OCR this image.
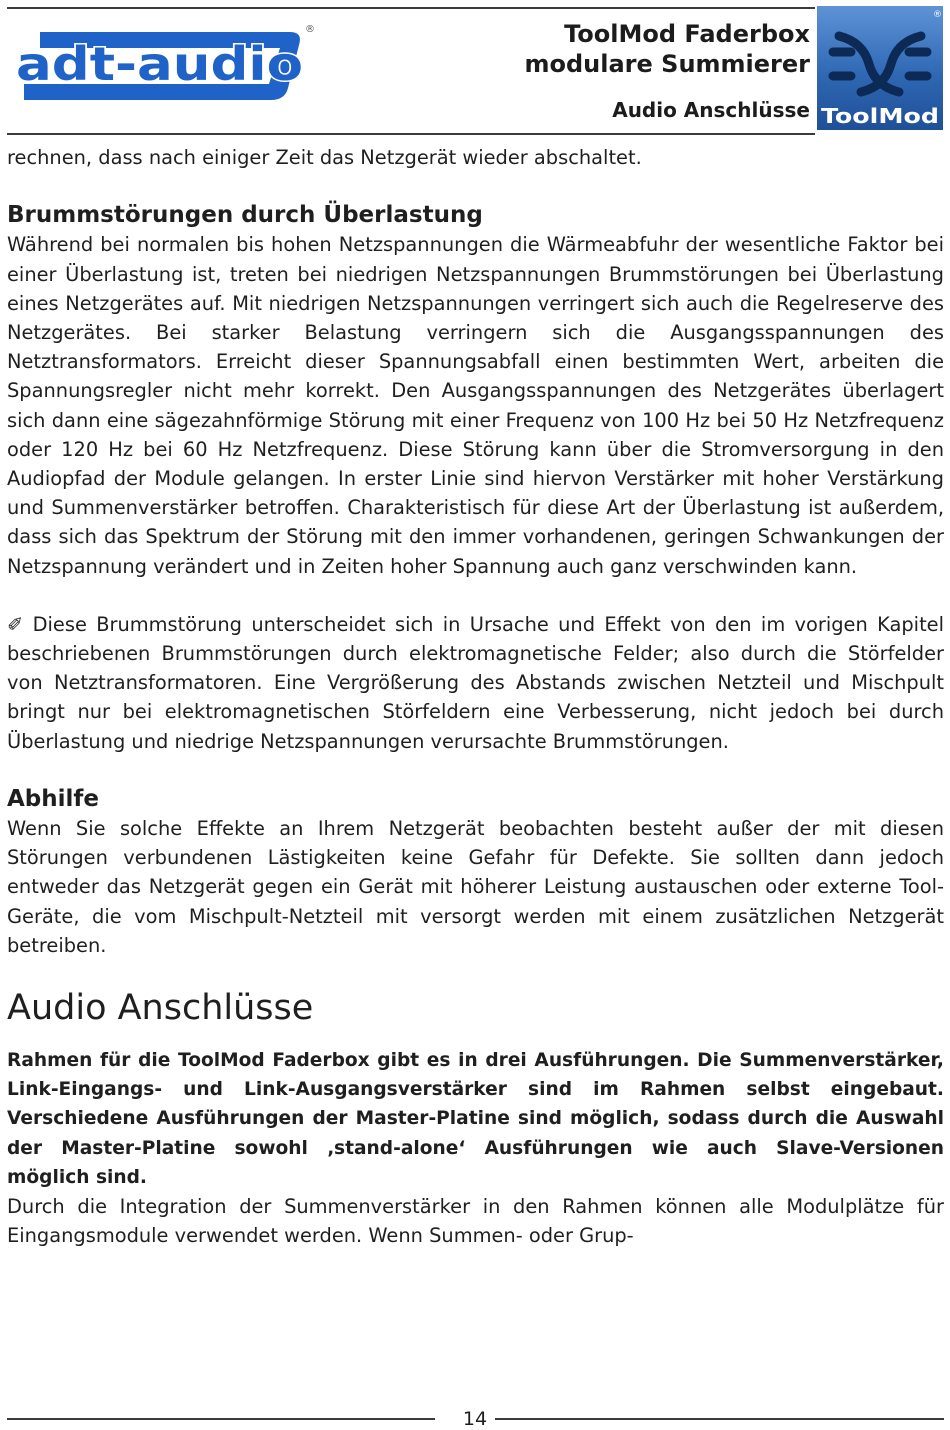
adt-audio
®	ToolMod Faderbox
modulare Summierer
Audio Anschlüsse ToolMod
®

rechnen, dass nach einiger Zeit das Netzgerät wieder abschaltet.

Brummstörungen durch Überlastung

Während bei normalen bis hohen Netzspannungen die Wärmeabfuhr der wesentliche Faktor bei einer Überlastung ist, treten bei niedrigen Netzspannungen Brummstörungen bei Überlastung eines Netzgerätes auf. Mit niedrigen Netzspannungen verringert sich auch die Regelreserve des Netzgerätes. Bei starker Belastung verringern sich die Ausgangsspannungen des Netztransformators. Erreicht dieser Spannungsabfall einen bestimmten Wert, arbeiten die Spannungsregler nicht mehr korrekt. Den Ausgangsspannungen des Netzgerätes überlagert sich dann eine sägezahnförmige Störung mit einer Frequenz von 100 Hz bei 50 Hz Netzfrequenz oder 120 Hz bei 60 Hz Netzfrequenz. Diese Störung kann über die Stromversorgung in den Audiopfad der Module gelangen. In erster Linie sind hiervon Verstärker mit hoher Verstärkung und Summenverstärker betroffen. Charakteristisch für diese Art der Überlastung ist außerdem, dass sich das Spektrum der Störung mit den immer vorhandenen, geringen Schwankungen der Netzspannung verändert und in Zeiten hoher Spannung auch ganz verschwinden kann.

✐ Diese Brummstörung unterscheidet sich in Ursache und Effekt von den im vorigen Kapitel beschriebenen Brummstörungen durch elektromagnetische Felder; also durch die Störfelder von Netztransformatoren. Eine Vergrößerung des Abstands zwischen Netzteil und Mischpult bringt nur bei elektromagnetischen Störfeldern eine Verbesserung, nicht jedoch bei durch Überlastung und niedrige Netzspannungen verursachte Brummstörungen.

Abhilfe

Wenn Sie solche Effekte an Ihrem Netzgerät beobachten besteht außer der mit diesen Störungen verbundenen Lästigkeiten keine Gefahr für Defekte. Sie sollten dann jedoch entweder das Netzgerät gegen ein Gerät mit höherer Leistung austauschen oder externe Tool-Geräte, die vom Mischpult-Netzteil mit versorgt werden mit einem zusätzlichen Netzgerät betreiben.

Audio Anschlüsse

Rahmen für die ToolMod Faderbox gibt es in drei Ausführungen. Die Summenverstärker, Link-Eingangs- und Link-Ausgangsverstärker sind im Rahmen selbst eingebaut. Verschiedene Ausführungen der Master-Platine sind möglich, sodass durch die Auswahl der Master-Platine sowohl ‚stand-alone‘ Ausführungen wie auch Slave-Versionen möglich sind.

Durch die Integration der Summenverstärker in den Rahmen können alle Modulplätze für Eingangsmodule verwendet werden. Wenn Summen- oder Grup-

14
